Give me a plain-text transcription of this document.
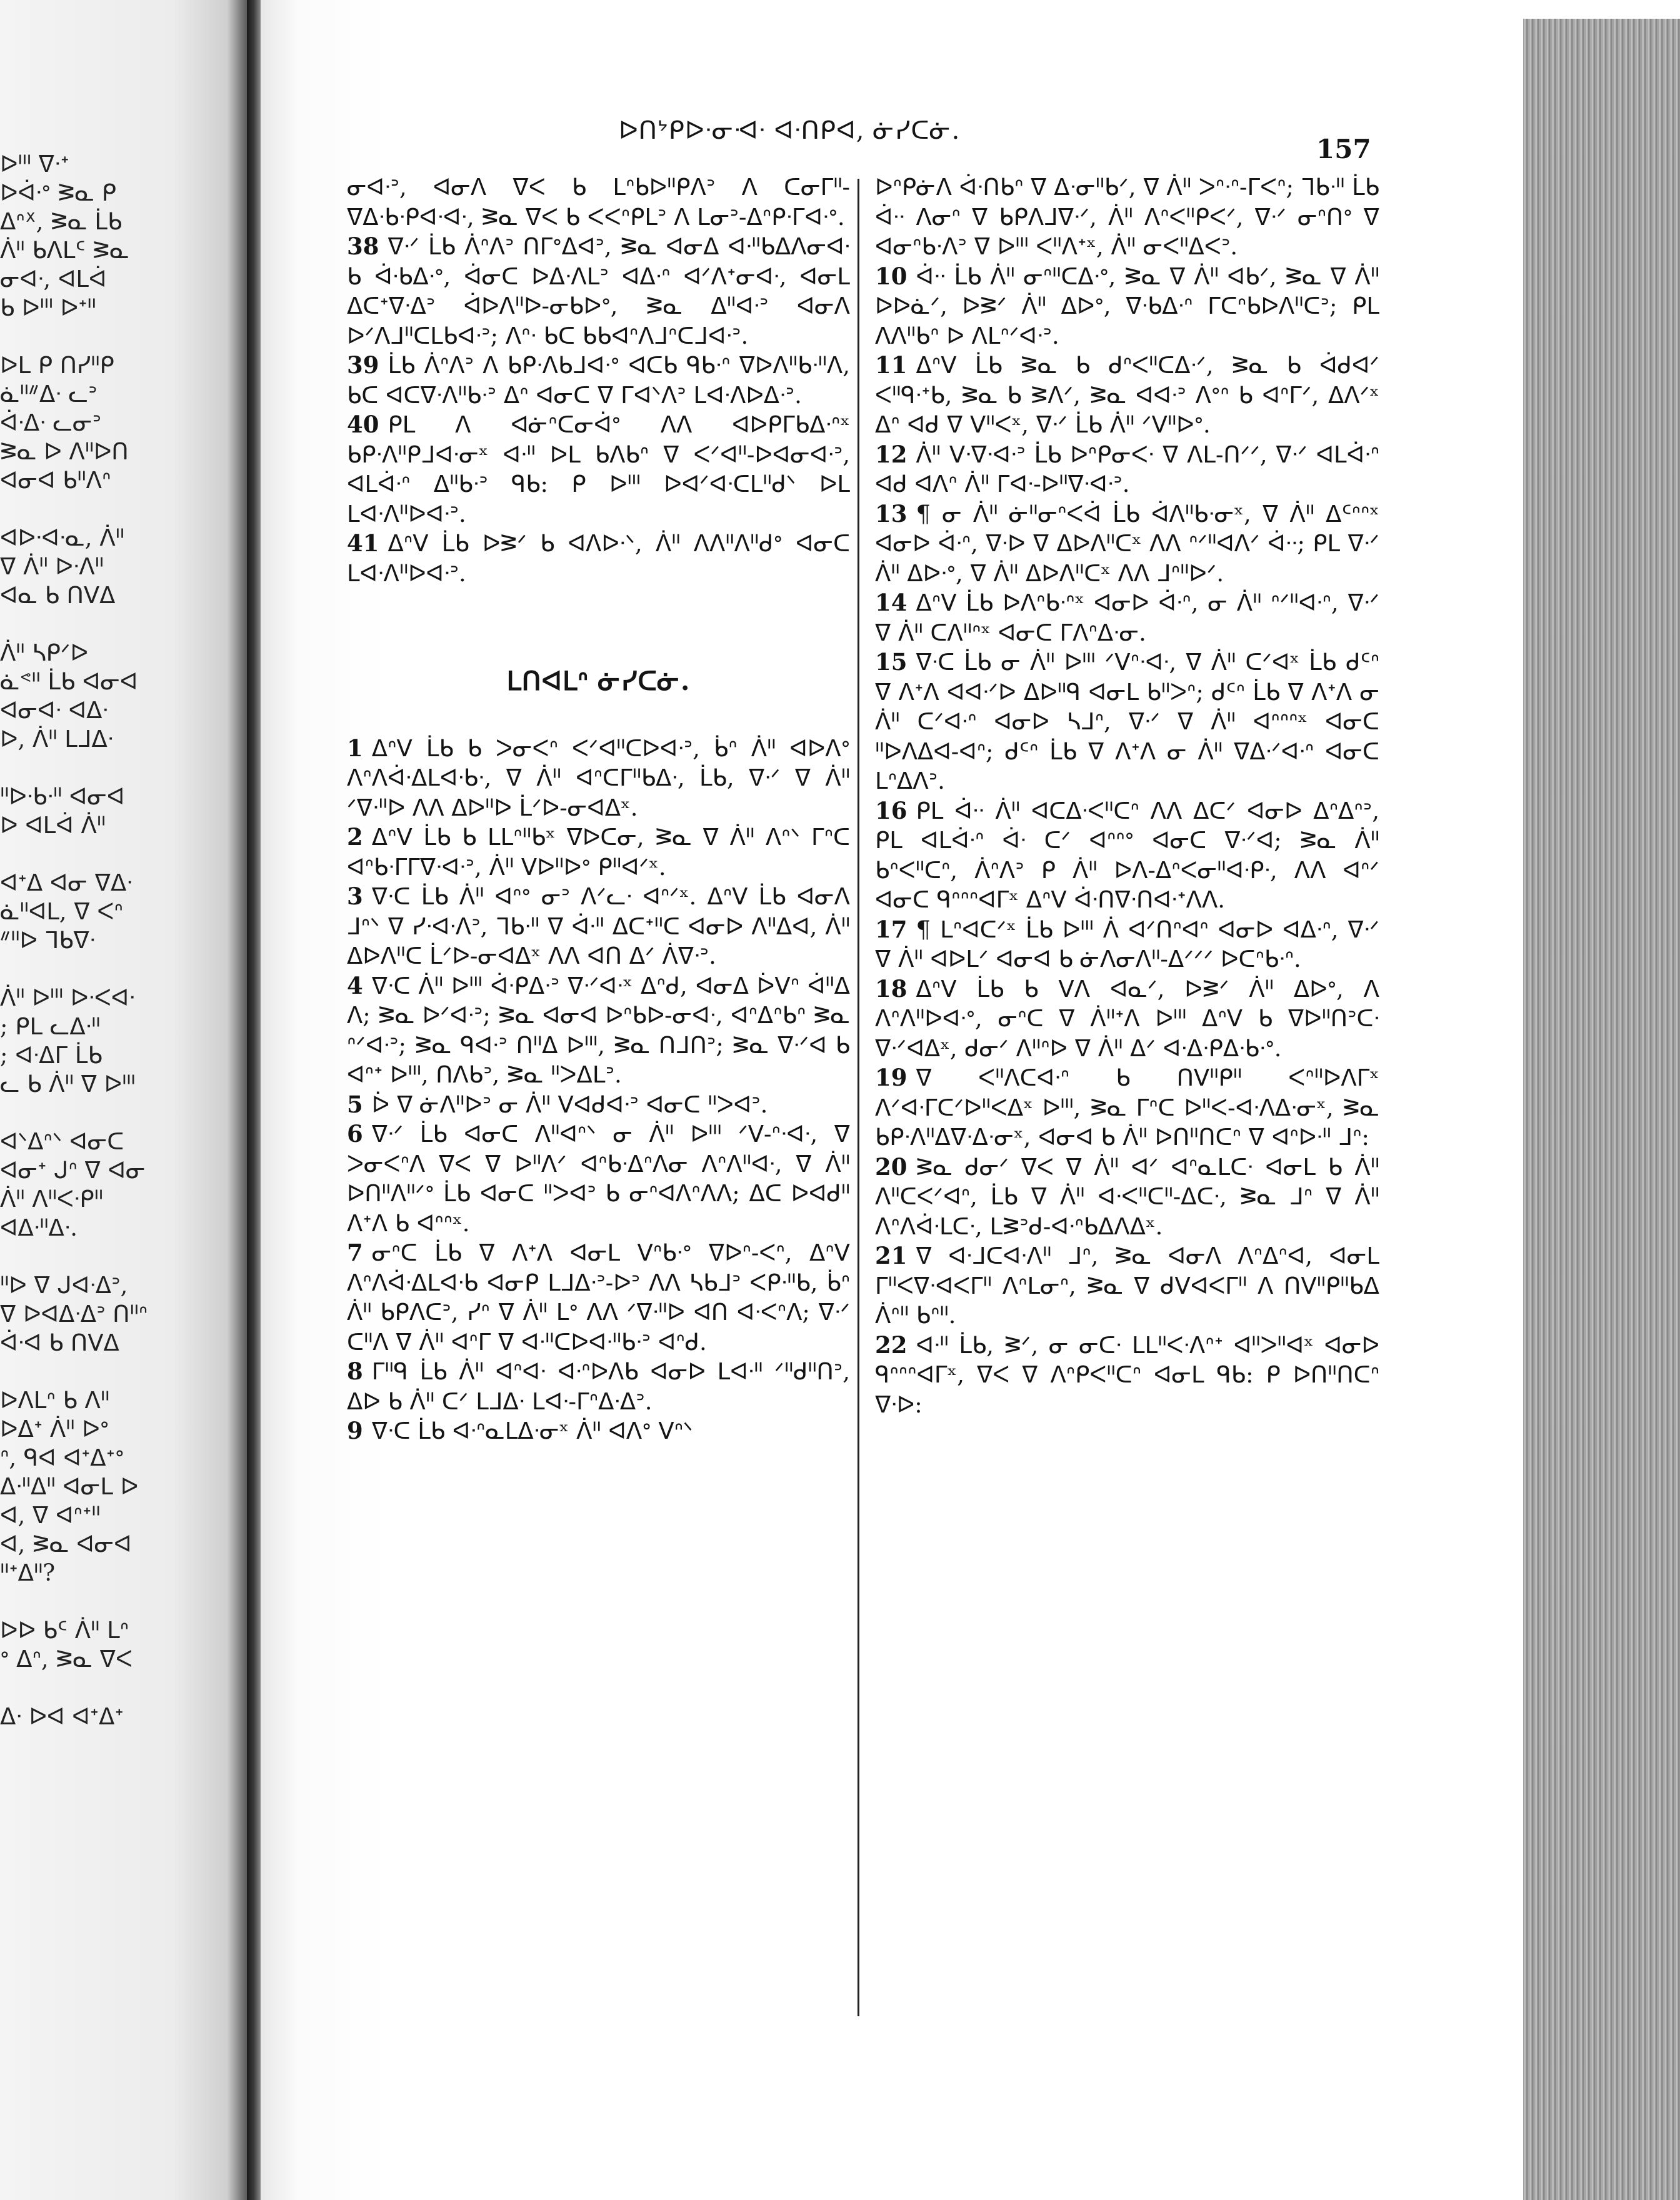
ᐅᐦᑊ ᐁᐧᐩ
ᐅᐋᐧᐤ ᕒᓇ ᑭ
ᐃᐢᕽ, ᕒᓇ ᒫᑲ
ᐲᐦ ᑲᐱᒪᑦ ᕒᓇ
ᓂᐊᐧ, ᐊᒪᐋ
ᑲ ᐅᐦᑊ ᐅᐩᐦ
ᐅᒪ ᑭ ᑎᓯᐦᑭ
ᓈᐦᐥᐃᐧ ᓚᐣ
ᐋᐧᐃᐧ ᓚᓂᐣ
ᕒᓇ ᐅ ᐱᐦᐅᑎ
ᐊᓂᐊ ᑲᐦᐱᐢ
ᐊᐅᐧᐊᐧᓇ, ᐲᐦ
ᐁ ᐲᐦ ᐅᐧᐱᐦ
ᐊᓇ ᑲ ᑎᐯᐃ
ᐲᐦ ᓴᑭᐟᐅ
ᓈᕝᐦ ᒫᑲ ᐊᓂᐊ
ᐊᓂᐊᐧ ᐊᐃᐧ
ᐅ, ᐲᐦ ᒪᒧᐃᐧ
ᐦᐅᐧᑲᐧᐦ ᐊᓂᐊ
ᐅ ᐊᒪᐋ ᐲᐦ
ᐊᐩᐃ ᐊᓂ ᐁᐃᐧ
ᓈᐦᐊᒪ, ᐁ ᐸᐢ
ᐥᐦᐅ ᒣᑲᐁᐧ
ᐲᐦ ᐅᐦᑊ ᐅᐧᐸᐊᐧ
; ᑭᒪ ᓚᐃᐧᐦ
; ᐊᐧᐃᒥ ᒫᑲ
ᓚ ᑲ ᐲᐦ ᐁ ᐅᐦᑊ
ᐊᐠᐃᐢᐠ ᐊᓂᑕ
ᐊᓂᐩ ᒍᐢ ᐁ ᐊᓂ
ᐲᐦ ᐱᐦᐸᐧᑭᐦ
ᐊᐃᐧᐦᐃᐧ.
ᐦᐅ ᐁ ᒍᐊᐧᐃᐣ,
ᐁ ᐅᐊᐃᐧᐃᐣ ᑎᐦᐢ
ᐋᐧᐊ ᑲ ᑎᐯᐃ
ᐅᐱᒪᐢ ᑲ ᐱᐦ
ᐅᐃᐩ ᐲᐦ ᐅᐤ
ᐢ, ᑫᐊ ᐊᐩᐃᐩᐤ
ᐃᐧᐦᐃᐦ ᐊᓂᒪ ᐅ
ᐊ, ᐁ ᐊᐢᐩᐦ
ᐊ, ᕒᓇ ᐊᓂᐊ
ᐦᐩᐃᐦ?
ᐅᐅ ᑲᑦ ᐲᐦ ᒪᐢ
ᐤ ᐃᐢ, ᕒᓇ ᐁᐸ
ᐃᐧ ᐅᐊ ᐊᐩᐃᐩ
ᐅᑎᔾᑭᐅᐧᓂᐗᐧ ᐊᐧᑎᑭᐊ, ᓃᓯᑕᓃ.
157

ᓂᐊᐧᐣ, ᐊᓂᐱ ᐁᐸ ᑲ ᒪᐢᑲᐅᐦᑭᐱᐣ ᐱ ᑕᓂᒥᐦ-ᐁᐃᐧᑲᐧᑭᐊᐧᐊᐧ, ᕒᓇ ᐁᐸ ᑲ ᐸᐸᐢᑭᒪᐣ ᐱ ᒪᓂᐣ-ᐃᐢᑭᐧᒥᐊᐧᐤ.

38 ᐁᐧᐟ ᒫᑲ ᐲᐢᐱᐣ ᑎᒥᐤᐃᐊᐣ, ᕒᓇ ᐊᓂᐃ ᐊᐧᐦᑲᐃᐱᓂᐊᐧ ᑲ ᐋᐧᑲᐃᐧᐤ, ᐋᓂᑕ ᐅᐃᐧᐱᒪᐣ ᐊᐃᐧᐢ ᐊᐟᐱᐩᓂᐊᐧ, ᐊᓂᒪ ᐃᑕᐩᐁᐧᐃᐣ ᐋᐅᐱᐦᐅ-ᓂᑲᐅᐤ, ᕒᓇ ᐃᐦᐊᐧᐣ ᐊᓂᐱ ᐅᐟᐱᒧᐦᑕᒪᑲᐊᐧᐣ; ᐱᐢᐧ ᑲᑕ ᑲᑲᐊᐢᐱᒧᐢᑕᒧᐊᐧᐣ.

39 ᒫᑲ ᐲᐢᐱᐣ ᐱ ᑲᑭᐧᐱᑲᒧᐊᐧᐤ ᐊᑕᑲ ᑫᑲᐧᐢ ᐁᐅᐱᐦᑲᐧᐦᐱ, ᑲᑕ ᐊᑕᐁᐧᐱᐦᑲᐧᐣ ᐃᐢ ᐊᓂᑕ ᐁ ᒥᐊᐠᐱᐣ ᒪᐊᐧᐱᐅᐃᐧᐣ.

40 ᑭᒪ ᐱ ᐊᓃᐢᑕᓂᐋᐤ ᐱᐱ ᐊᐅᑭᒥᑲᐃᐧᐢˣ ᑲᑭᐧᐱᐦᑭᒧᐊᐧᓂˣ ᐊᐧᐦ ᐅᒪ ᑲᐱᑲᐢ ᐁ ᐸᐟᐊᐦ-ᐅᐊᓂᐊᐧᐣ, ᐊᒪᐋᐧᐢ ᐃᐦᑲᐧᐣ ᑫᑲ: ᑭ ᐅᐦᑊ ᐅᐊᐟᐊᐧᑕᒪᐦᑯᐠ ᐅᒪ ᒪᐊᐧᐱᐦᐅᐊᐧᐣ.

41 ᐃᐢᐯ ᒫᑲ ᐅᕒᐟ ᑲ ᐊᐱᐅᐧᐠ, ᐲᐦ ᐱᐱᐦᐱᐦᑯᐤ ᐊᓂᑕ ᒪᐊᐧᐱᐦᐅᐊᐧᐣ.

ᒪᑎᐊᒪᐢ ᓃᓯᑕᓃ.

1 ᐃᐢᐯ ᒫᑲ ᑲ ᐳᓂᐸᐢ ᐸᐟᐊᐦᑕᐅᐊᐧᐣ, ᑳᐢ ᐲᐦ ᐊᐅᐱᐤ ᐱᐢᐱᐋᐧᐃᒪᐊᐧᑲᐧ, ᐁ ᐲᐦ ᐊᐢᑕᒥᐦᑲᐃᐧ, ᒫᑲ, ᐁᐧᐟ ᐁ ᐲᐦ ᐟᐁᐧᐦᐅ ᐱᐱ ᐃᐅᐦᐅ ᒫᐟᐅ-ᓂᐊᐃˣ.

2 ᐃᐢᐯ ᒫᑲ ᑲ ᒪᒪᐢᐦᑲˣ ᐁᐅᑕᓂ, ᕒᓇ ᐁ ᐲᐦ ᐱᐢᐠ ᒥᐢᑕ ᐊᐢᑲᐧᒥᒥᐁᐧᐊᐧᐣ, ᐲᐦ ᐯᐅᐦᐅᐤ ᑭᐦᐊᐟˣ.

3 ᐁᐧᑕ ᒫᑲ ᐲᐦ ᐊᐢᐤ ᓂᐣ ᐱᐟᓚᐧ ᐊᐢᐟˣ. ᐃᐢᐯ ᒫᑲ ᐊᓂᐱ ᒧᐢᐠ ᐁ ᓯᐧᐊᐧᐱᐣ, ᒣᑲᐧᐦ ᐁ ᐋᐧᐦ ᐃᑕᐩᐦᑕ ᐊᓂᐅ ᐱᐦᐃᐊ, ᐲᐦ ᐃᐅᐱᐦᑕ ᒫᐟᐅ-ᓂᐊᐃˣ ᐱᐱ ᐊᑎ ᐃᐟ ᐲᐁᐧᐣ.

4 ᐁᐧᑕ ᐲᐦ ᐅᐦᑊ ᐋᐧᑭᐃᐧᐣ ᐁᐧᐟᐊᐧˣ ᐃᐢᑯ, ᐊᓂᐃ ᐆᐯᐢ ᐋᐦᐃ ᐱ; ᕒᓇ ᐅᐟᐊᐧᐣ; ᕒᓇ ᐊᓂᐊ ᐅᐢᑲᐅ-ᓂᐊᐧ, ᐊᐢᐃᐢᑲᐢ ᕒᓇ ᐢᐟᐊᐧᐣ; ᕒᓇ ᑫᐊᐧᐣ ᑎᐦᐃ ᐅᐦᑊ, ᕒᓇ ᑎᒧᑎᐣ; ᕒᓇ ᐁᐧᐟᐊ ᑲ ᐊᐢᐩ ᐅᐦᑊ, ᑎᐱᑲᐣ, ᕒᓇ ᐦᐳᐃᒪᐣ.

5 ᐆ ᐁ ᓃᐱᐦᐅᐣ ᓂ ᐲᐦ ᐯᐊᑯᐊᐧᐣ ᐊᓂᑕ ᐦᐳᐊᐣ.

6 ᐁᐧᐟ ᒫᑲ ᐊᓂᑕ ᐱᐦᐊᐢᐠ ᓂ ᐲᐦ ᐅᐦᑊ ᐟᐯ-ᐢᐧᐊᐧ, ᐁ ᐳᓂᐸᐢᐱ ᐁᐸ ᐁ ᐅᐦᐱᐟ ᐊᐢᑲᐧᐃᐢᐱᓂ ᐱᐢᐱᐦᐊᐧ, ᐁ ᐲᐦ ᐅᑎᐦᐱᐦᐟᐤ ᒫᑲ ᐊᓂᑕ ᐦᐳᐊᐣ ᑲ ᓂᐢᐊᐱᐢᐱᐱ; ᐃᑕ ᐅᐊᑯᐦ ᐱᐩᐱ ᑲ ᐊᐢᐢˣ.

7 ᓂᐢᑕ ᒫᑲ ᐁ ᐱᐩᐱ ᐊᓂᒪ ᐯᐢᑲᐧᐤ ᐁᐅᐢ-ᐸᐢ, ᐃᐢᐯ ᐱᐢᐱᐋᐧᐃᒪᐊᐧᑲ ᐊᓂᑭ ᒪᒧᐃᐧᐣ-ᐅᐣ ᐱᐱ ᓴᑲᒧᐣ ᐸᑭᐧᐦᑲ, ᑳᐢ ᐲᐦ ᑲᑭᐱᑕᐣ, ᓯᐢ ᐁ ᐲᐦ ᒪᐤ ᐱᐱ ᐟᐁᐧᐦᐅ ᐊᑎ ᐊᐧᐸᐢᐱ; ᐁᐧᐟ ᑕᐦᐱ ᐁ ᐲᐦ ᐊᐢᒥ ᐁ ᐊᐧᐦᑕᐅᐊᐧᐦᑲᐧᐣ ᐊᐢᑯ.

8 ᒥᐦᑫ ᒫᑲ ᐲᐦ ᐊᐢᐊᐧ ᐊᐧᐢᐅᐱᑲ ᐊᓂᐅ ᒪᐊᐧᐦ ᐟᐦᑯᐦᑎᐣ, ᐃᐅ ᑲ ᐲᐦ ᑕᐟ ᒪᒧᐃᐧ ᒪᐊᐧ-ᒥᐢᐃᐧᐃᐣ.

9 ᐁᐧᑕ ᒫᑲ ᐊᐧᐢᓇᒪᐃᐧᓂˣ ᐲᐦ ᐊᐱᐤ ᐯᐢᐠ

ᐅᐢᑭᓃᐱ ᐋᐧᑎᑲᐢ ᐁ ᐃᐧᓂᐦᑲᐟ, ᐁ ᐲᐦ ᐳᐢᐧᐢ-ᒥᐸᐢ; ᒣᑲᐧᐦ ᒫᑲ ᐋᐧᐧ ᐱᓂᐢ ᐁ ᑲᑭᐱᒧᐁᐧᐟ, ᐲᐦ ᐱᐢᐸᐦᑭᐸᐟ, ᐁᐧᐟ ᓂᐢᑎᐤ ᐁ ᐊᓂᐢᑲᐧᐱᐣ ᐁ ᐅᐦᑊ ᐸᐦᐱᐩˣ, ᐲᐦ ᓂᐸᐦᐃᐸᐣ.

10 ᐋᐧᐧ ᒫᑲ ᐲᐦ ᓂᐢᐦᑕᐃᐧᐤ, ᕒᓇ ᐁ ᐲᐦ ᐊᑲᐟ, ᕒᓇ ᐁ ᐲᐦ ᐅᐅᓈᐟ, ᐅᕒᐟ ᐲᐦ ᐃᐅᐤ, ᐁᐧᑲᐃᐧᐢ ᒥᑕᐢᑲᐅᐱᐦᑕᐣ; ᑭᒪ ᐱᐱᐦᑲᐢ ᐅ ᐱᒪᐢᐟᐊᐧᐣ.

11 ᐃᐢᐯ ᒫᑲ ᕒᓇ ᑲ ᑯᐢᐸᐦᑕᐃᐧᐟ, ᕒᓇ ᑲ ᐋᑯᐊᐟ ᐸᐦᑫᐧᐩᑲ, ᕒᓇ ᑲ ᕒᐱᐟ, ᕒᓇ ᐊᐊᐧᐣ ᐱᐤᐢ ᑲ ᐊᐢᒥᐟ, ᐃᐱᐟˣ ᐃᐢ ᐊᑯ ᐁ ᐯᐦᐸˣ, ᐁᐧᐟ ᒫᑲ ᐲᐦ ᐟᐯᐦᐅᐤ.

12 ᐲᐦ ᐯᐧᐁᐧᐊᐧᐣ ᒫᑲ ᐅᐢᑭᓂᐸᐧ ᐁ ᐱᒪ-ᑎᐟᐟ, ᐁᐧᐟ ᐊᒪᐋᐧᐢ ᐊᑯ ᐊᐱᐢ ᐲᐦ ᒥᐊᐧ-ᐅᐦᐁᐧᐊᐧᐣ.

13 ¶ ᓂ ᐲᐦ ᓃᐦᓂᐢᐸᐋ ᒫᑲ ᐋᐱᐦᑲᐧᓂˣ, ᐁ ᐲᐦ ᐃᑦᐢᐢˣ ᐊᓂᐅ ᐋᐧᐢ, ᐁᐧᐅ ᐁ ᐃᐅᐱᐦᑕˣ ᐱᐱ ᐢᐟᐦᐊᐱᐟ ᐋᐧᐧ; ᑭᒪ ᐁᐧᐟ ᐲᐦ ᐃᐅᐧᐤ, ᐁ ᐲᐦ ᐃᐅᐱᐦᑕˣ ᐱᐱ ᒧᐢᐦᐅᐟ.

14 ᐃᐢᐯ ᒫᑲ ᐅᐱᐢᑲᐧᐢˣ ᐊᓂᐅ ᐋᐧᐢ, ᓂ ᐲᐦ ᐢᐟᐦᐊᐧᐢ, ᐁᐧᐟ ᐁ ᐲᐦ ᑕᐱᐦᐢˣ ᐊᓂᑕ ᒥᐱᐢᐃᐧᓂ.

15 ᐁᐧᑕ ᒫᑲ ᓂ ᐲᐦ ᐅᐦᑊ ᐟᐯᐢᐧᐊᐧ, ᐁ ᐲᐦ ᑕᐟᐊˣ ᒫᑲ ᑯᑦᐢ ᐁ ᐱᐩᐱ ᐊᐊᐧᐟᐅ ᐃᐅᐦᑫ ᐊᓂᒪ ᑲᐦᐳᐢ; ᑯᑦᐢ ᒫᑲ ᐁ ᐱᐩᐱ ᓂ ᐲᐦ ᑕᐟᐊᐧᐢ ᐊᓂᐅ ᓴᒧᐢ, ᐁᐧᐟ ᐁ ᐲᐦ ᐊᐢᐢᐢˣ ᐊᓂᑕ ᐦᐅᐱᐃᐊ-ᐊᐢ; ᑯᑦᐢ ᒫᑲ ᐁ ᐱᐩᐱ ᓂ ᐲᐦ ᐁᐃᐧᐟᐊᐧᐢ ᐊᓂᑕ ᒪᐢᐃᐱᐣ.

16 ᑭᒪ ᐋᐧᐧ ᐲᐦ ᐊᑕᐃᐧᐸᐦᑕᐢ ᐱᐱ ᐃᑕᐟ ᐊᓂᐅ ᐃᐢᐃᐢᐣ, ᑭᒪ ᐊᒪᐋᐧᐢ ᐋᐧ ᑕᐟ ᐊᐢᐢᐤ ᐊᓂᑕ ᐁᐧᐟᐊ; ᕒᓇ ᐲᐦ ᑲᐢᐸᐦᑕᐢ, ᐲᐢᐱᐣ ᑭ ᐲᐦ ᐅᐱ-ᐃᐢᐸᓂᐦᐊᐧᑭᐧ, ᐱᐱ ᐊᐢᐟ ᐊᓂᑕ ᑫᐢᐢᐢᐊᒥˣ ᐃᐢᐯ ᐋᐧᑎᐁᐧᑎᐊᐧᐩᐱᐱ.

17 ¶ ᒪᐢᐊᑕᐟˣ ᒫᑲ ᐅᐦᑊ ᐲ ᐊᐟᑎᐢᐊᐢ ᐊᓂᐅ ᐊᐃᐧᐢ, ᐁᐧᐟ ᐁ ᐲᐦ ᐊᐅᒪᐟ ᐊᓂᐊ ᑲ ᓃᐱᓂᐱᐦ-ᐃᐟᐟᐟ ᐅᑕᐢᑲᐧᐢ.

18 ᐃᐢᐯ ᒫᑲ ᑲ ᐯᐱ ᐊᓇᐟ, ᐅᕒᐟ ᐲᐦ ᐃᐅᐤ, ᐱ ᐱᐢᐱᐦᐅᐊᐧᐤ, ᓂᐢᑕ ᐁ ᐲᐦᐩᐱ ᐅᐦᑊ ᐃᐢᐯ ᑲ ᐁᐅᐦᑎᐣᑕᐧ ᐁᐧᐟᐊᐃˣ, ᑯᓂᐟ ᐱᐦᐢᐅ ᐁ ᐲᐦ ᐃᐟ ᐊᐧᐃᐧᑭᐃᐧᑲᐧᐤ.

19 ᐁ ᐸᐦᐱᑕᐊᐧᐢ ᑲ ᑎᐯᐦᑭᐦ ᐸᐢᐦᐅᐱᒥˣ ᐱᐟᐊᐧᒥᑕᐟᐅᐦᐸᐃˣ ᐅᐦᑊ, ᕒᓇ ᒥᐢᑕ ᐅᐦᐸ-ᐊᐧᐱᐃᐧᓂˣ, ᕒᓇ ᑲᑭᐧᐱᐦᐃᐁᐧᐃᐧᓂˣ, ᐊᓂᐊ ᑲ ᐲᐦ ᐅᑎᐦᑎᑕᐢ ᐁ ᐊᐢᐅᐧᐦ ᒧᐢ:

20 ᕒᓇ ᑯᓂᐟ ᐁᐸ ᐁ ᐲᐦ ᐊᐟ ᐊᐢᓇᒪᑕᐧ ᐊᓂᒪ ᑲ ᐲᐦ ᐱᐦᑕᐸᐟᐊᐢ, ᒫᑲ ᐁ ᐲᐦ ᐊᐧᐸᐦᑕᐦ-ᐃᑕᐧ, ᕒᓇ ᒧᐢ ᐁ ᐲᐦ ᐱᐢᐱᐋᐧᒪᑕᐧ, ᒪᕒᐣᑯ-ᐊᐧᐢᑲᐃᐱᐃˣ.

21 ᐁ ᐊᐧᒧᑕᐊᐧᐱᐦ ᒧᐢ, ᕒᓇ ᐊᓂᐱ ᐱᐢᐃᐢᐊ, ᐊᓂᒪ ᒥᐦᐸᐁᐧᐊᐸᒥᐦ ᐱᐢᒪᓂᐢ, ᕒᓇ ᐁ ᑯᐯᐊᐸᒥᐦ ᐱ ᑎᐯᐦᑭᐦᑲᐃ ᐲᐢᐦ ᑲᐢᐦ.

22 ᐊᐧᐦ ᒫᑲ, ᕒᐟ, ᓂ ᓂᑕᐧ ᒪᒪᐦᐸᐧᐱᐢᐩ ᐊᐦᐳᐦᐊˣ ᐊᓂᐅ ᑫᐢᐢᐢᐊᒥˣ, ᐁᐸ ᐁ ᐱᐢᑭᐸᐦᑕᐢ ᐊᓂᒪ ᑫᑲ: ᑭ ᐅᑎᐦᑎᑕᐢ ᐁᐧᐅ:
